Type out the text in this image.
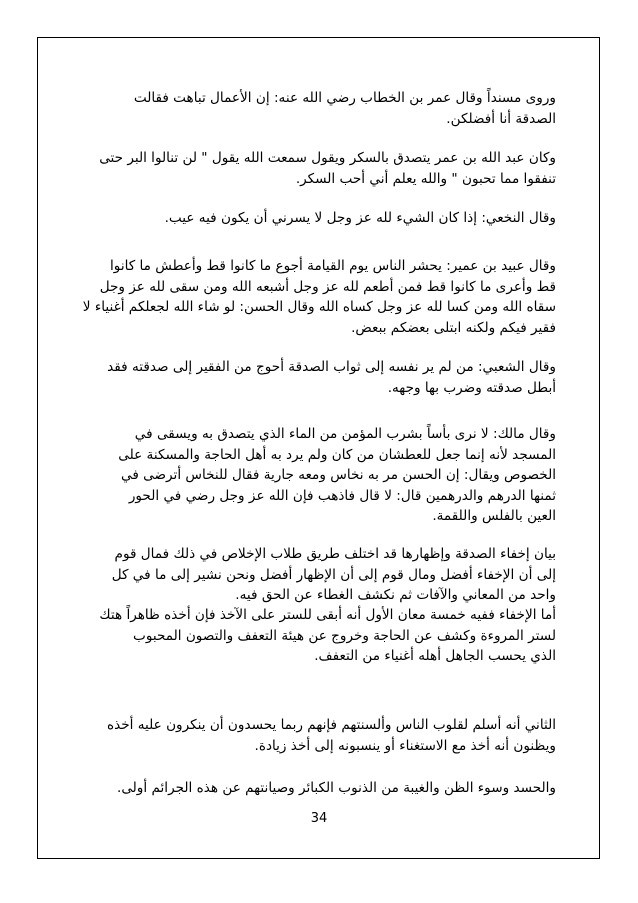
وروى مسنداً وقال عمر بن الخطاب رضي الله عنه: إن الأعمال تباهت فقالت
الصدقة أنا أفضلكن.
وكان عبد الله بن عمر يتصدق بالسكر ويقول سمعت الله يقول " لن تنالوا البر حتى
تنفقوا مما تحبون " والله يعلم أني أحب السكر.
وقال النخعي: إذا كان الشيء لله عز وجل لا يسرني أن يكون فيه عيب.
وقال عبيد بن عمير: يحشر الناس يوم القيامة أجوع ما كانوا قط وأعطش ما كانوا
قط وأعرى ما كانوا قط فمن أطعم لله عز وجل أشبعه الله ومن سقى لله عز وجل
سقاه الله ومن كسا لله عز وجل كساه الله وقال الحسن: لو شاء الله لجعلكم أغنياء لا
فقير فيكم ولكنه ابتلى بعضكم ببعض.
وقال الشعبي: من لم ير نفسه إلى ثواب الصدقة أحوج من الفقير إلى صدقته فقد
أبطل صدقته وضرب بها وجهه.
وقال مالك: لا نرى بأساً بشرب المؤمن من الماء الذي يتصدق به ويسقى في
المسجد لأنه إنما جعل للعطشان من كان ولم يرد به أهل الحاجة والمسكنة على
الخصوص ويقال: إن الحسن مر به نخاس ومعه جارية فقال للنخاس أترضى في
ثمنها الدرهم والدرهمين قال: لا قال فاذهب فإن الله عز وجل رضي في الحور
العين بالفلس واللقمة.
بيان إخفاء الصدقة وإظهارها قد اختلف طريق طلاب الإخلاص في ذلك فمال قوم
إلى أن الإخفاء أفضل ومال قوم إلى أن الإظهار أفضل ونحن نشير إلى ما في كل
واحد من المعاني والآفات ثم نكشف الغطاء عن الحق فيه.
أما الإخفاء ففيه خمسة معان الأول أنه أبقى للستر على الآخذ فإن أخذه ظاهراً هتك
لستر المروءة وكشف عن الحاجة وخروج عن هيئة التعفف والتصون المحبوب
الذي يحسب الجاهل أهله أغنياء من التعفف.
الثاني أنه أسلم لقلوب الناس وألسنتهم فإنهم ربما يحسدون أن ينكرون عليه أخذه
ويظنون أنه أخذ مع الاستغناء أو ينسبونه إلى أخذ زيادة.
والحسد وسوء الظن والغيبة من الذنوب الكبائر وصيانتهم عن هذه الجرائم أولى.
34
